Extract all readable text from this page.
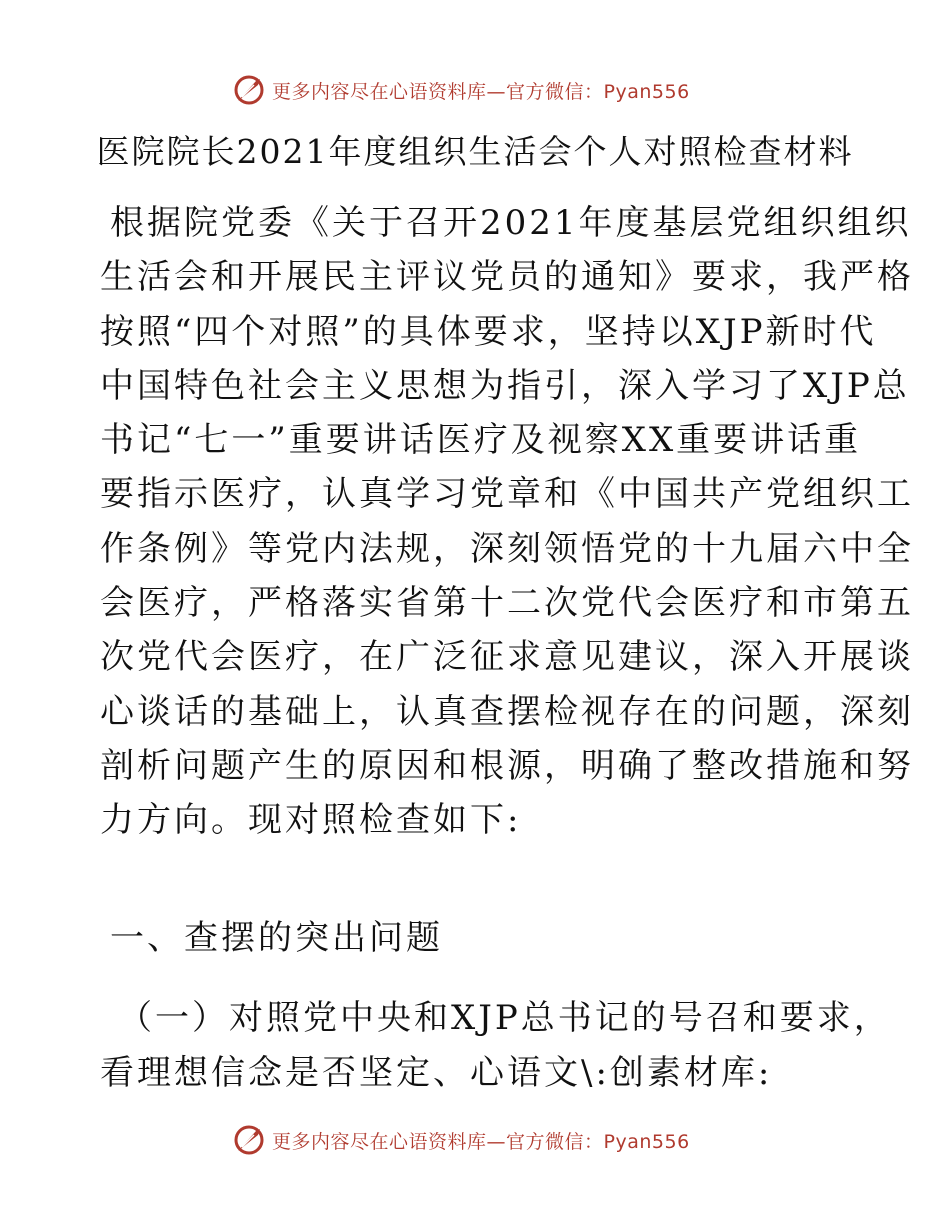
更多内容尽在心语资料库—官方微信：Pyan556
医院院长2021年度组织生活会个人对照检查材料

根据院党委《关于召开2021年度基层党组织组织

生活会和开展民主评议党员的通知》要求，我严格

按照“四个对照”的具体要求，坚持以XJP新时代

中国特色社会主义思想为指引，深入学习了XJP总

书记“七一”重要讲话医疗及视察XX重要讲话重

要指示医疗，认真学习党章和《中国共产党组织工

作条例》等党内法规，深刻领悟党的十九届六中全

会医疗，严格落实省第十二次党代会医疗和市第五

次党代会医疗，在广泛征求意见建议，深入开展谈

心谈话的基础上，认真查摆检视存在的问题，深刻

剖析问题产生的原因和根源，明确了整改措施和努

力方向。现对照检查如下:

一、查摆的突出问题
（一）对照党中央和XJP总书记的号召和要求，
看理想信念是否坚定、心语文\:创素材库:
更多内容尽在心语资料库—官方微信：Pyan556
